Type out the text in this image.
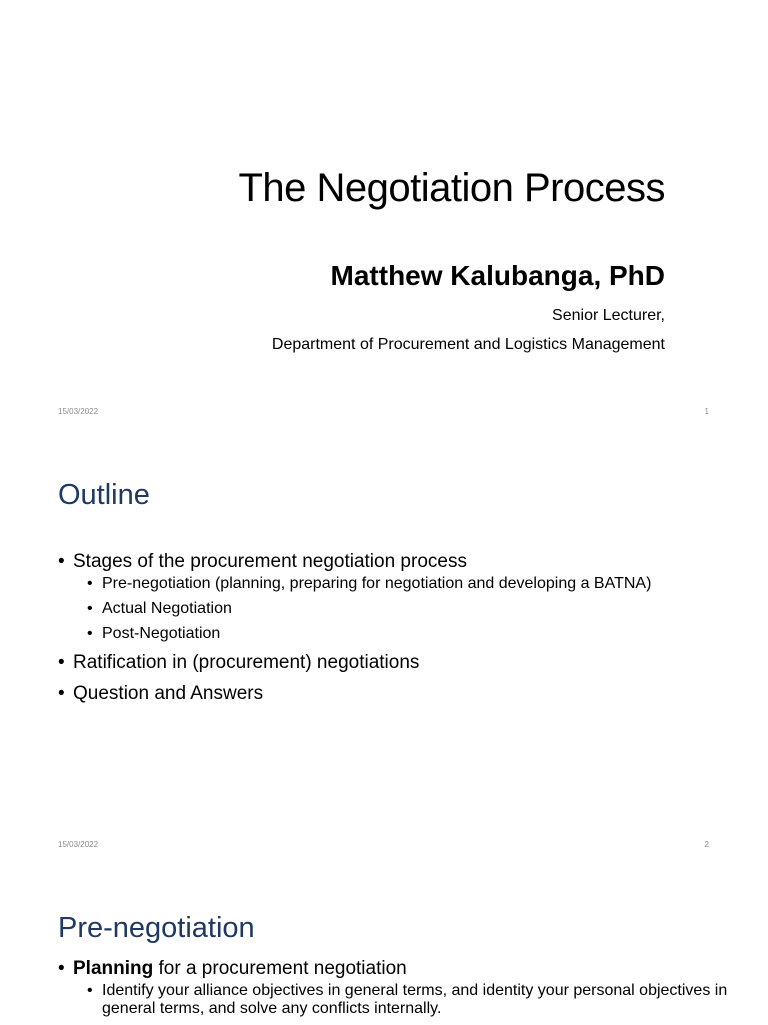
The Negotiation Process
Matthew Kalubanga, PhD
Senior Lecturer,
Department of Procurement and Logistics Management
15/03/2022	1
Outline
• Stages of the procurement negotiation process
• Pre-negotiation (planning, preparing for negotiation and developing a BATNA)
• Actual Negotiation
• Post-Negotiation
• Ratification in (procurement) negotiations
• Question and Answers
15/03/2022	2
Pre-negotiation
• Planning for a procurement negotiation
• Identify your alliance objectives in general terms, and identity your personal objectives in general terms, and solve any conflicts internally.
